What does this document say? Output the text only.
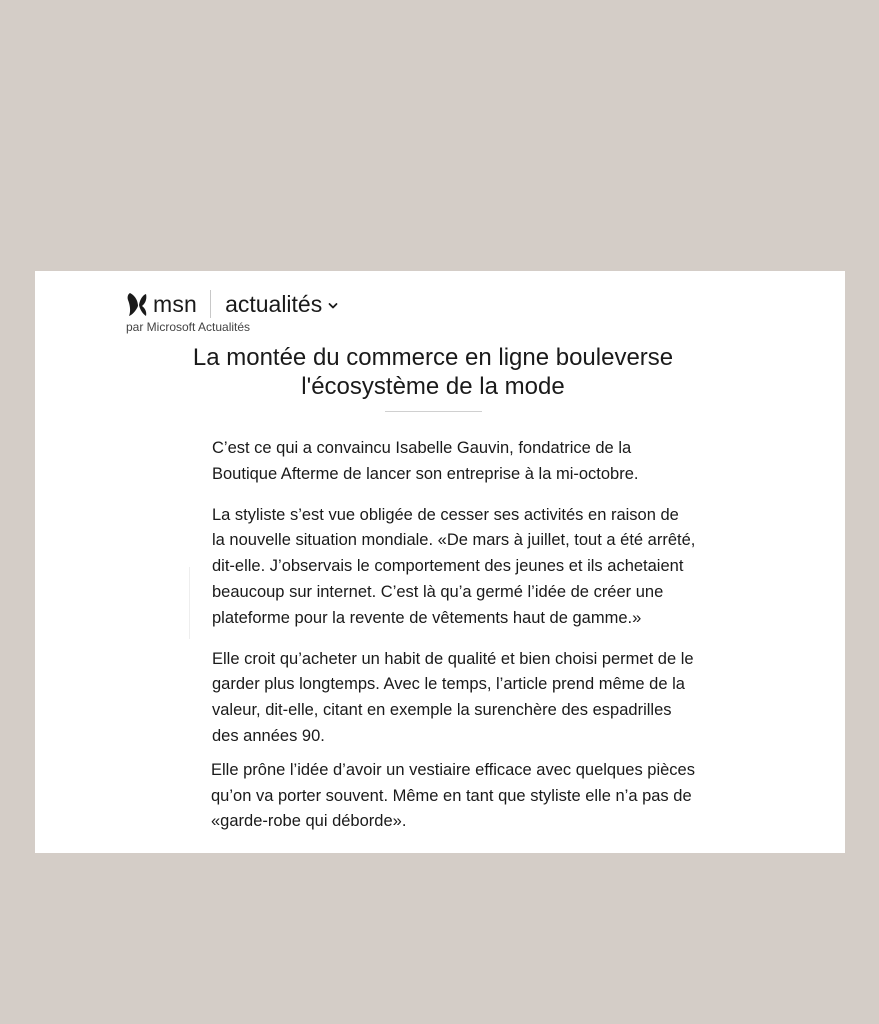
msn actualités
par Microsoft Actualités
La montée du commerce en ligne bouleverse l'écosystème de la mode

C’est ce qui a convaincu Isabelle Gauvin, fondatrice de la Boutique Afterme de lancer son entreprise à la mi-octobre.

La styliste s’est vue obligée de cesser ses activités en raison de la nouvelle situation mondiale. «De mars à juillet, tout a été arrêté, dit-elle. J’observais le comportement des jeunes et ils achetaient beaucoup sur internet. C’est là qu’a germé l’idée de créer une plateforme pour la revente de vêtements haut de gamme.»

Elle croit qu’acheter un habit de qualité et bien choisi permet de le garder plus longtemps. Avec le temps, l’article prend même de la valeur, dit-elle, citant en exemple la surenchère des espadrilles des années 90.

Elle prône l’idée d’avoir un vestiaire efficace avec quelques pièces qu’on va porter souvent. Même en tant que styliste elle n’a pas de «garde-robe qui déborde».
